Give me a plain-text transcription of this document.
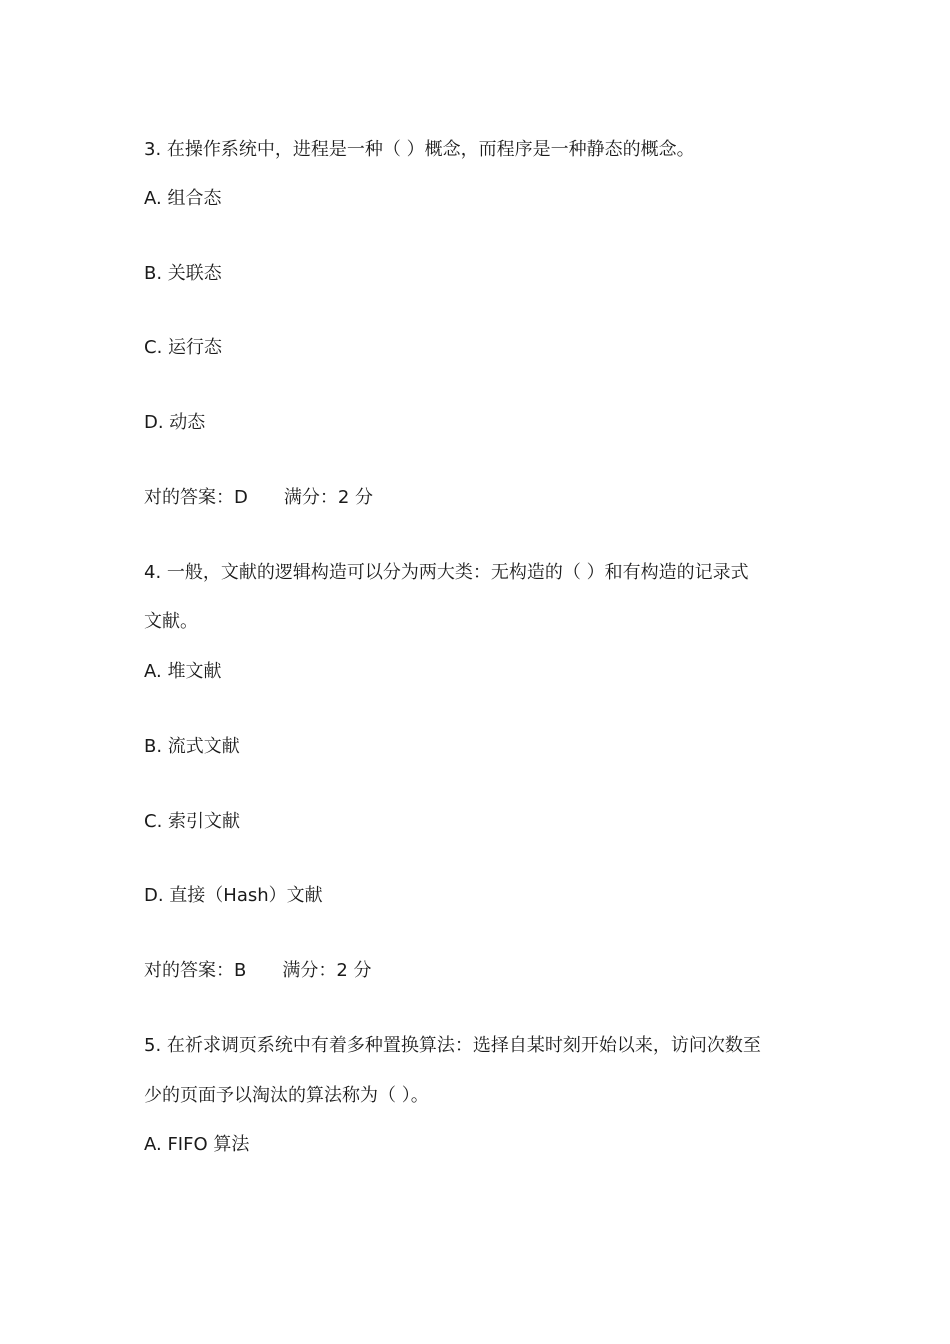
3. 在操作系统中，进程是一种（ ）概念，而程序是一种静态的概念。
A. 组合态
B. 关联态
C. 运行态
D. 动态
对的答案：D 满分：2 分
4. 一般，文献的逻辑构造可以分为两大类：无构造的（ ）和有构造的记录式
文献。
A. 堆文献
B. 流式文献
C. 索引文献
D. 直接（Hash）文献
对的答案：B 满分：2 分
5. 在祈求调页系统中有着多种置换算法：选择自某时刻开始以来，访问次数至
少的页面予以淘汰的算法称为（ ）。
A. FIFO 算法
